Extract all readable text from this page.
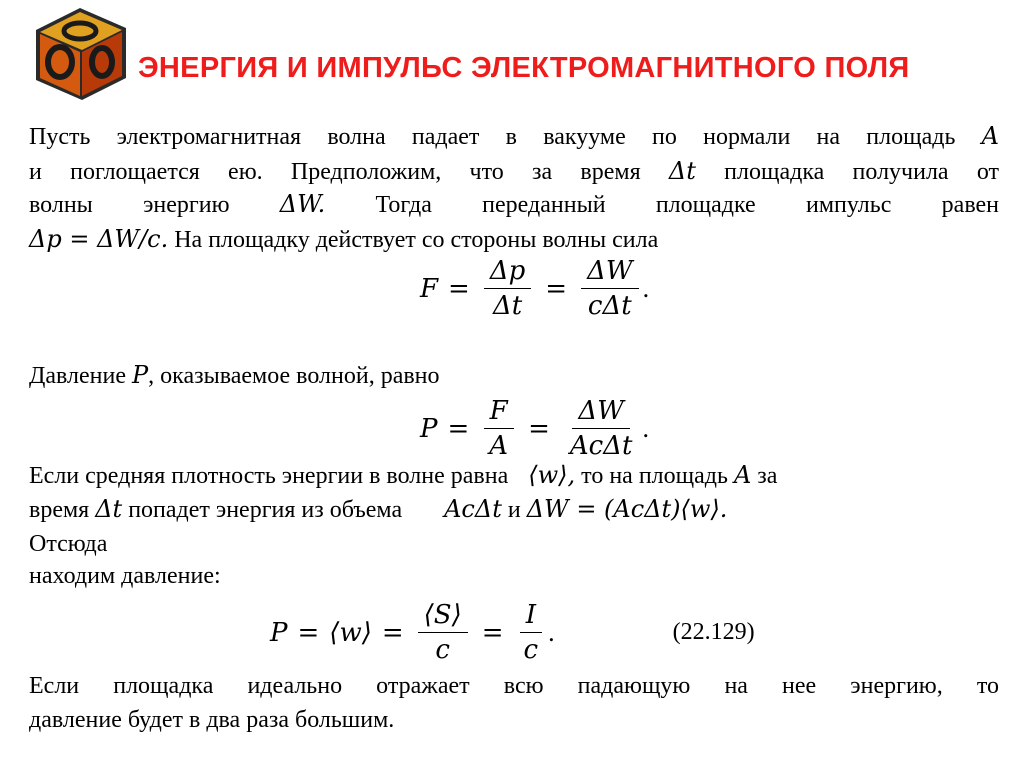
ЭНЕРГИЯ И ИМПУЛЬС ЭЛЕКТРОМАГНИТНОГО ПОЛЯ
Пусть электромагнитная волна падает в вакууме по нормали на площадь A
и поглощается ею. Предположим, что за время Δt площадка получила от
волны энергию ΔW. Тогда переданный площадке импульс равен
Δp = ΔW/c. На площадку действует со стороны волны сила
$F = \frac{\Delta p}{\Delta t} = \frac{\Delta W}{\text{cΔt}}$ .
Давление P, оказываемое волной, равно
$P = \frac{F}{A} = \frac{\Delta W}{\text{AcΔt}}$ .
Если средняя плотность энергии в волне равна ⟨w⟩, то на площадь A за
время Δt попадет энергия из объема AcΔt и ΔW = (AcΔt)⟨w⟩.
Отсюда
находим давление:
P = ⟨w⟩ = $\frac{⟨S⟩}{c} = \frac{I}{c}$ .	(22.129)
Если площадка идеально отражает всю падающую на нее энергию, то
давление будет в два раза большим.
